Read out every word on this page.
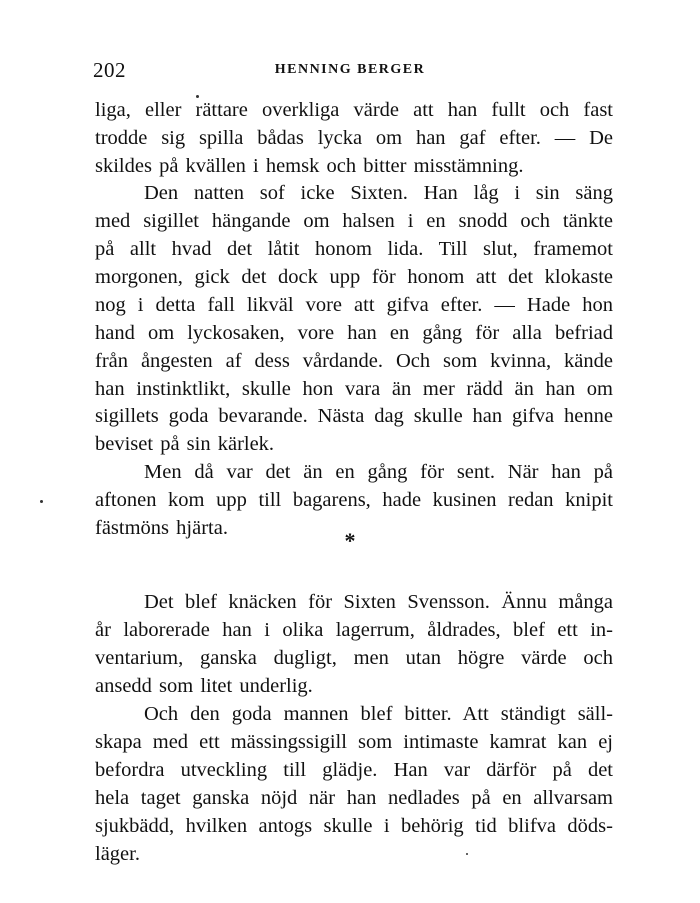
202	HENNING BERGER
liga, eller rättare overkliga värde att han fullt och fast
trodde sig spilla bådas lycka om han gaf efter. — De
skildes på kvällen i hemsk och bitter misstämning.
Den natten sof icke Sixten. Han låg i sin säng
med sigillet hängande om halsen i en snodd och tänkte
på allt hvad det låtit honom lida. Till slut, framemot
morgonen, gick det dock upp för honom att det klokaste
nog i detta fall likväl vore att gifva efter. — Hade hon
hand om lyckosaken, vore han en gång för alla befriad
från ångesten af dess vårdande. Och som kvinna, kände
han instinktlikt, skulle hon vara än mer rädd än han om
sigillets goda bevarande. Nästa dag skulle han gifva henne
beviset på sin kärlek.
Men då var det än en gång för sent. När han på
aftonen kom upp till bagarens, hade kusinen redan knipit
fästmöns hjärta.	*
Det blef knäcken för Sixten Svensson. Ännu många
år laborerade han i olika lagerrum, åldrades, blef ett in-
ventarium, ganska dugligt, men utan högre värde och
ansedd som litet underlig.
Och den goda mannen blef bitter. Att ständigt säll-
skapa med ett mässingssigill som intimaste kamrat kan ej
befordra utveckling till glädje. Han var därför på det
hela taget ganska nöjd när han nedlades på en allvarsam
sjukbädd, hvilken antogs skulle i behörig tid blifva döds-
läger.
